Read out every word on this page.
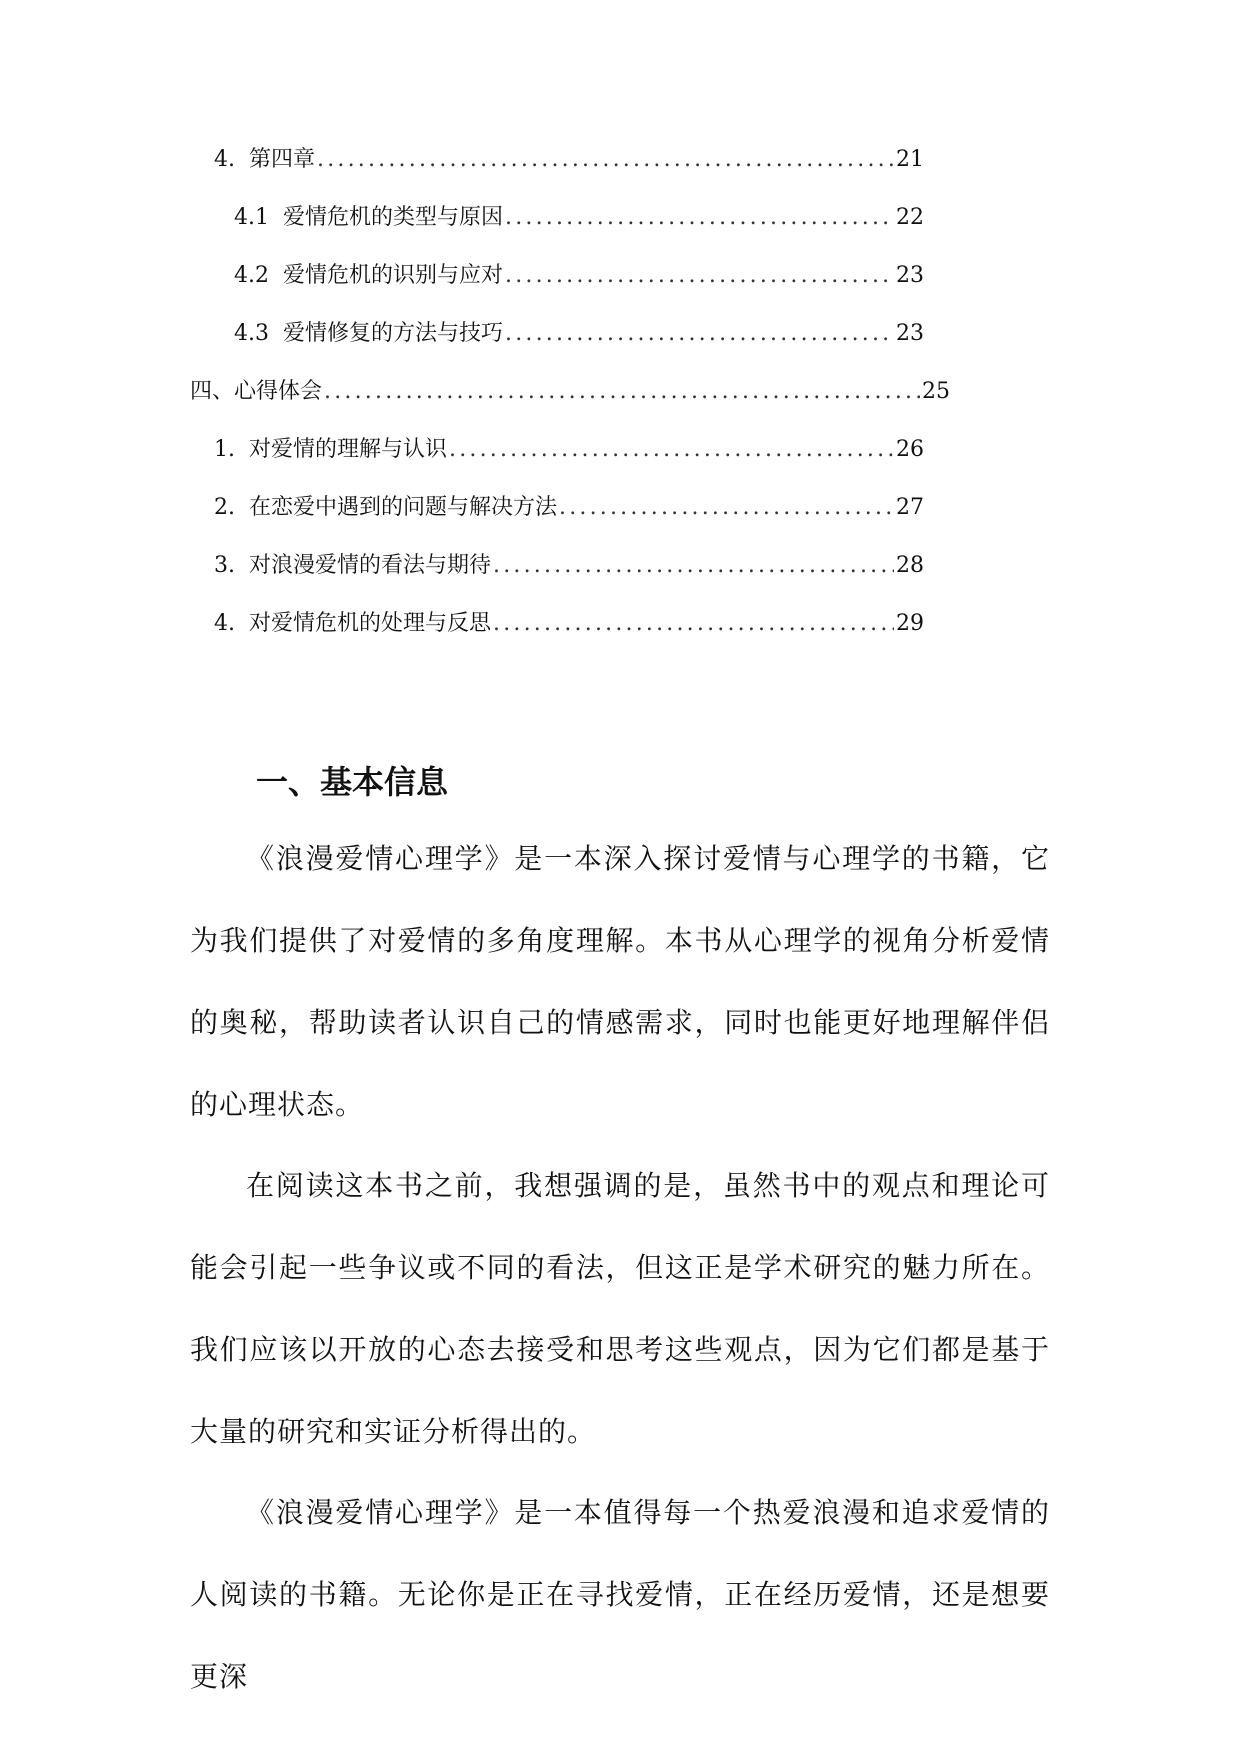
4. 第四章 .....	21
4.1 爱情危机的类型与原因 .....	22
4.2 爱情危机的识别与应对 .....	23
4.3 爱情修复的方法与技巧 .....	23
四、 心得体会 .....	25
1. 对爱情的理解与认识 .....	26
2. 在恋爱中遇到的问题与解决方法 .....	27
3. 对浪漫爱情的看法与期待 .....	28
4. 对爱情危机的处理与反思 .....	29
一、基本信息

《浪漫爱情心理学》是一本深入探讨爱情与心理学的书籍，它为我们提供了对爱情的多角度理解。本书从心理学的视角分析爱情的奥秘，帮助读者认识自己的情感需求，同时也能更好地理解伴侣的心理状态。

在阅读这本书之前，我想强调的是，虽然书中的观点和理论可能会引起一些争议或不同的看法，但这正是学术研究的魅力所在。我们应该以开放的心态去接受和思考这些观点，因为它们都是基于大量的研究和实证分析得出的。

《浪漫爱情心理学》是一本值得每一个热爱浪漫和追求爱情的人阅读的书籍。无论你是正在寻找爱情，正在经历爱情，还是想要更深
